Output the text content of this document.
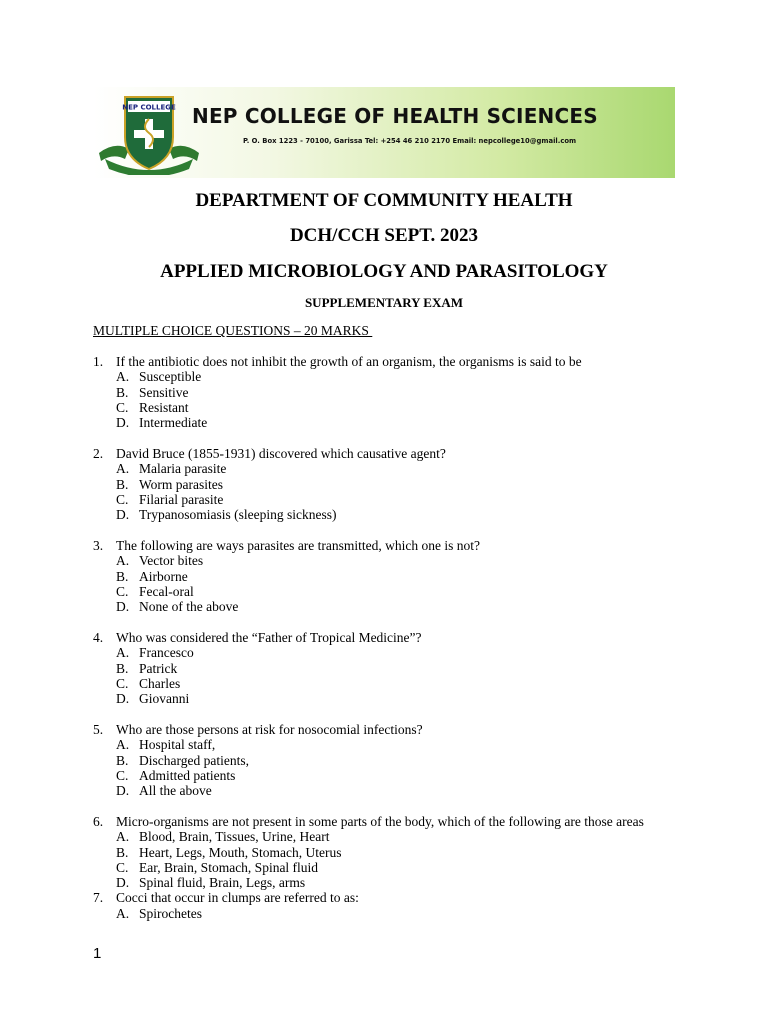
NEP COLLEGE NEP COLLEGE OF HEALTH SCIENCES
P. O. Box 1223 - 70100, Garissa Tel: +254 46 210 2170 Email: nepcollege10@gmail.com
DEPARTMENT OF COMMUNITY HEALTH
DCH/CCH SEPT. 2023
APPLIED MICROBIOLOGY AND PARASITOLOGY
SUPPLEMENTARY EXAM
MULTIPLE CHOICE QUESTIONS – 20 MARKS
1. If the antibiotic does not inhibit the growth of an organism, the organisms is said to be
A. Susceptible
B. Sensitive
C. Resistant
D. Intermediate
2. David Bruce (1855-1931) discovered which causative agent?
A. Malaria parasite
B. Worm parasites
C. Filarial parasite
D. Trypanosomiasis (sleeping sickness)
3. The following are ways parasites are transmitted, which one is not?
A. Vector bites
B. Airborne
C. Fecal-oral
D. None of the above
4. Who was considered the “Father of Tropical Medicine”?
A. Francesco
B. Patrick
C. Charles
D. Giovanni
5. Who are those persons at risk for nosocomial infections?
A. Hospital staff,
B. Discharged patients,
C. Admitted patients
D. All the above
6. Micro-organisms are not present in some parts of the body, which of the following are those areas
A. Blood, Brain, Tissues, Urine, Heart
B. Heart, Legs, Mouth, Stomach, Uterus
C. Ear, Brain, Stomach, Spinal fluid
D. Spinal fluid, Brain, Legs, arms
7. Cocci that occur in clumps are referred to as:
A. Spirochetes
1
